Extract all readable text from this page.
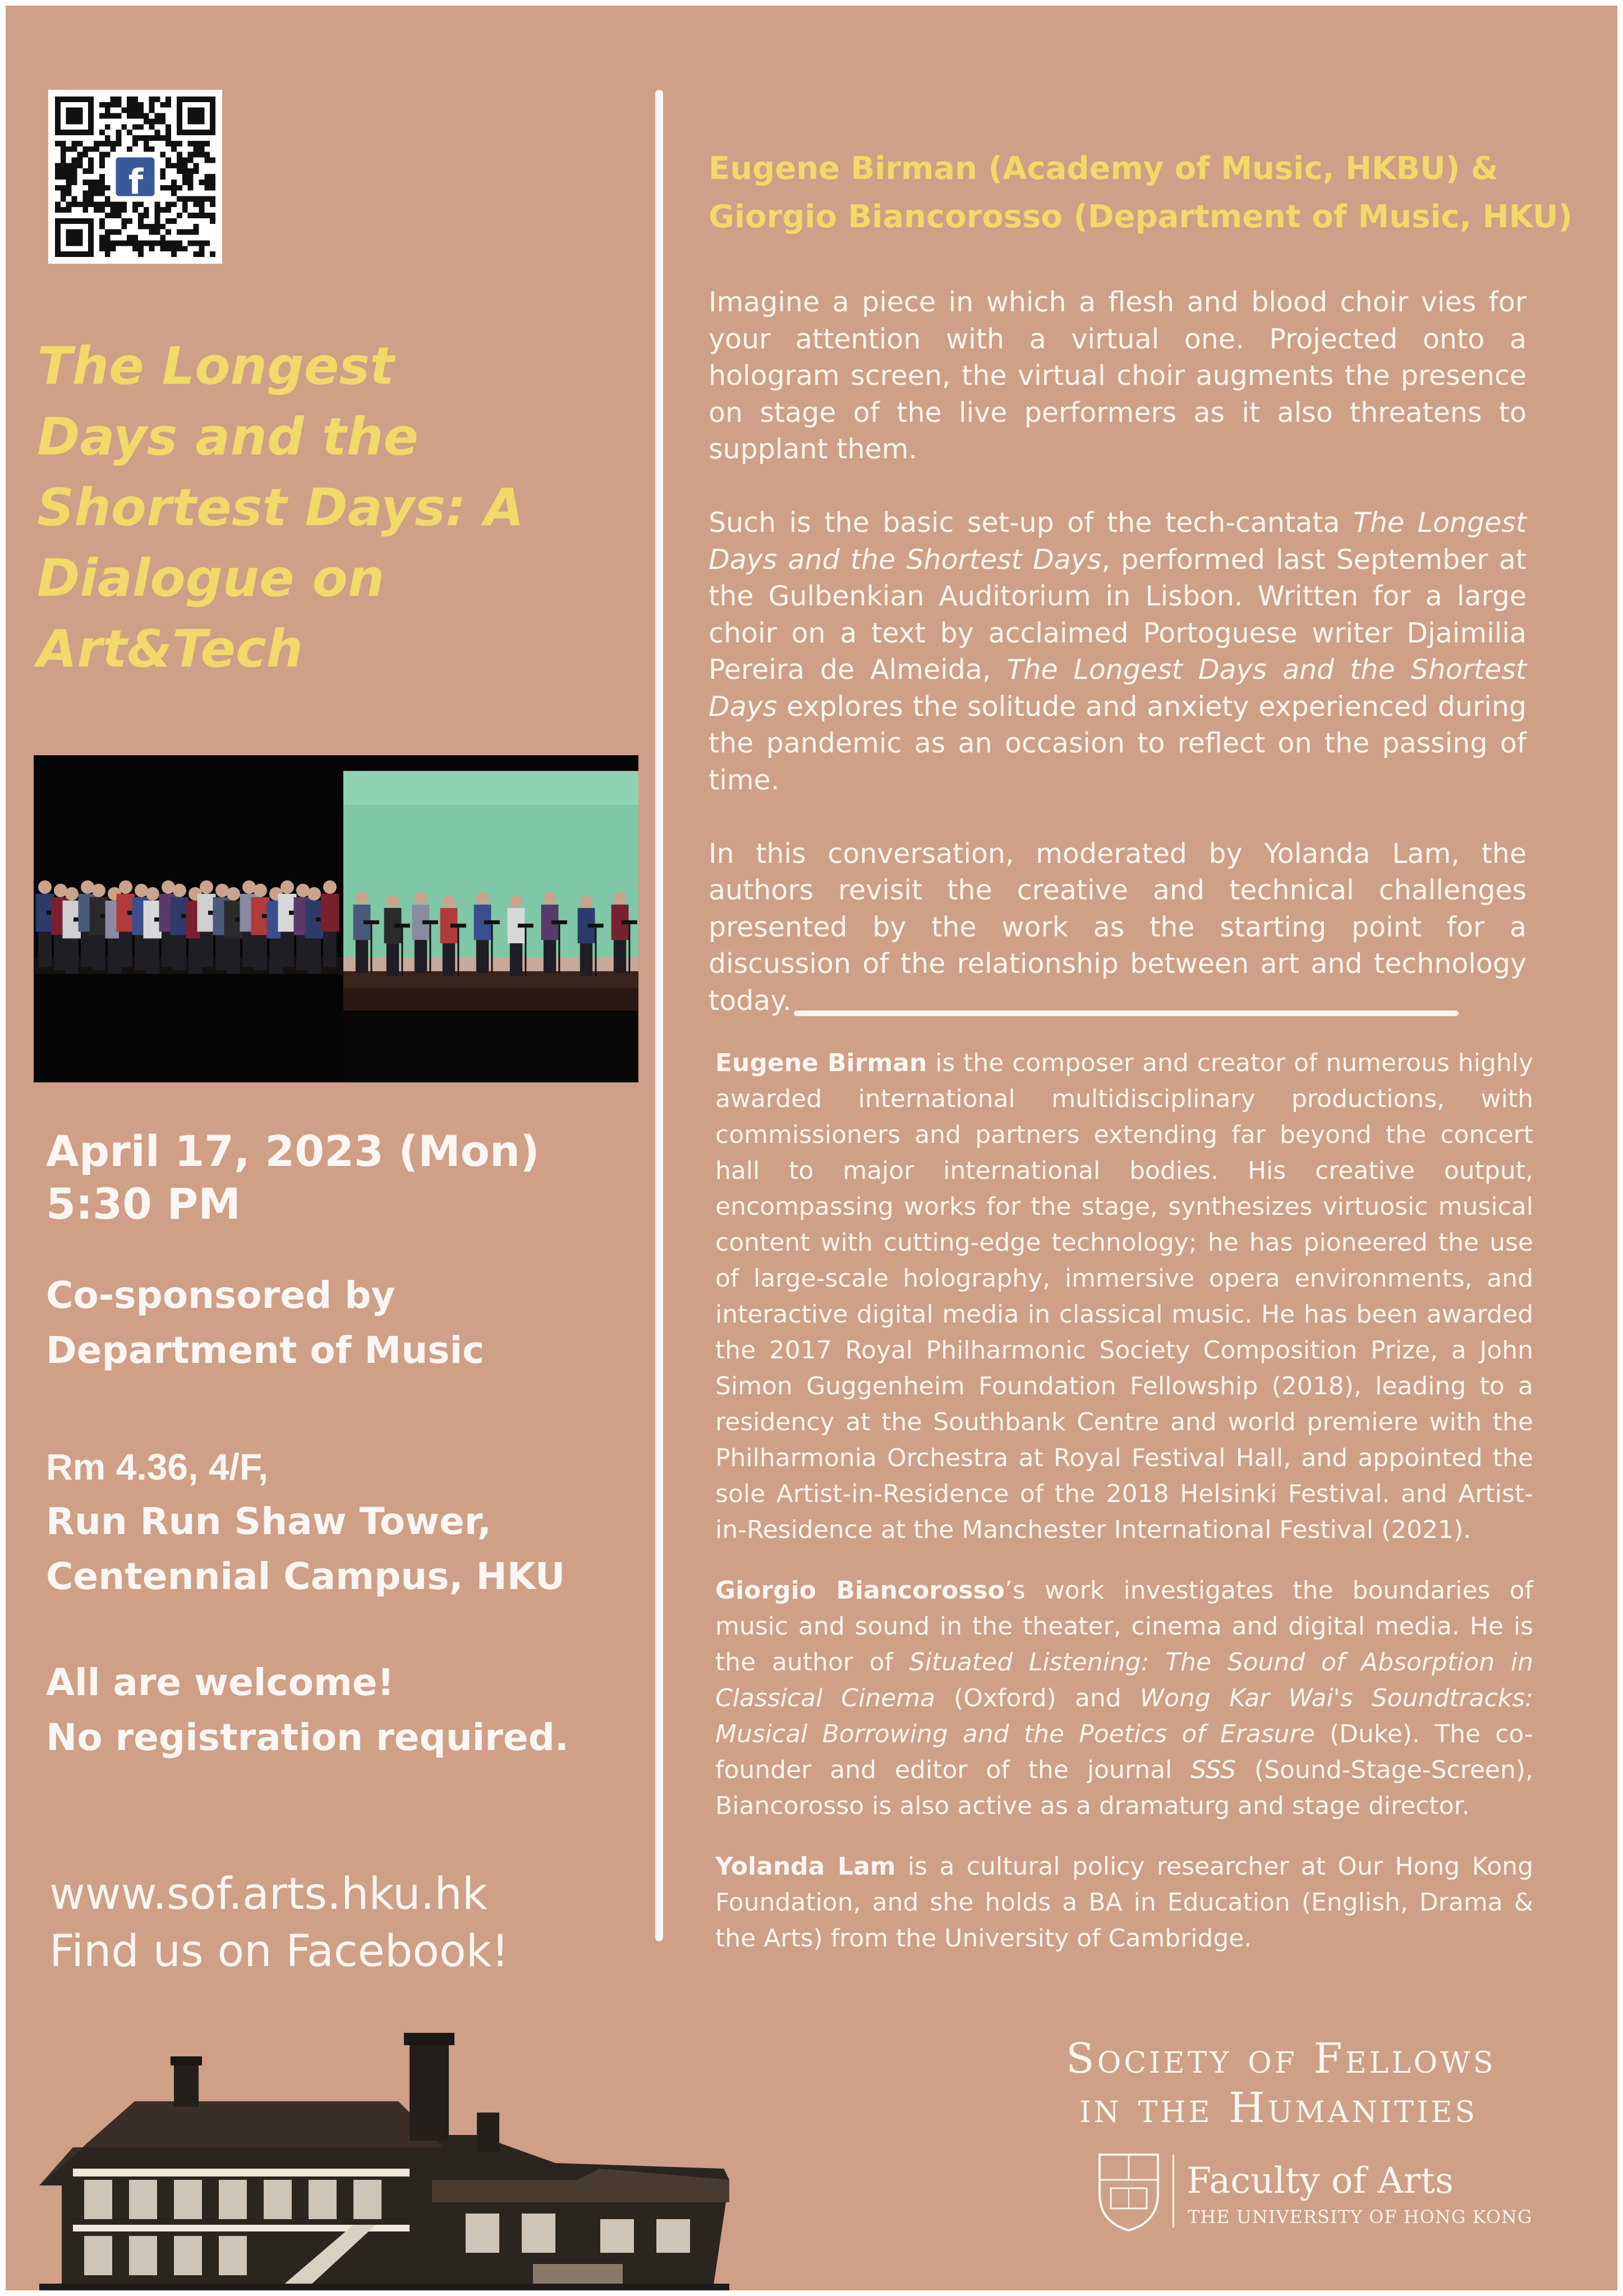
f
The Longest
Days and the
Shortest Days: A
Dialogue on
Art&Tech
April 17, 2023 (Mon)
5:30 PM
Co-sponsored by
Department of Music
Rm 4.36, 4/F,
Run Run Shaw Tower,
Centennial Campus, HKU
All are welcome!
No registration required.
www.sof.arts.hku.hk
Find us on Facebook!
Eugene Birman (Academy of Music, HKBU) &
Giorgio Biancorosso (Department of Music, HKU)

Imagine a piece in which a flesh and blood choir vies for your attention with a virtual one. Projected onto a hologram screen, the virtual choir augments the presence on stage of the live performers as it also threatens to supplant them.

Such is the basic set-up of the tech-cantata The Longest Days and the Shortest Days, performed last September at the Gulbenkian Auditorium in Lisbon. Written for a large choir on a text by acclaimed Portoguese writer Djaimilia Pereira de Almeida, The Longest Days and the Shortest Days explores the solitude and anxiety experienced during the pandemic as an occasion to reflect on the passing of time.

In this conversation, moderated by Yolanda Lam, the authors revisit the creative and technical challenges presented by the work as the starting point for a discussion of the relationship between art and technology today.

Eugene Birman is the composer and creator of numerous highly awarded international multidisciplinary productions, with commissioners and partners extending far beyond the concert hall to major international bodies. His creative output, encompassing works for the stage, synthesizes virtuosic musical content with cutting-edge technology; he has pioneered the use of large-scale holography, immersive opera environments, and interactive digital media in classical music. He has been awarded the 2017 Royal Philharmonic Society Composition Prize, a John Simon Guggenheim Foundation Fellowship (2018), leading to a residency at the Southbank Centre and world premiere with the Philharmonia Orchestra at Royal Festival Hall, and appointed the sole Artist-in-Residence of the 2018 Helsinki Festival. and Artist-in-Residence at the Manchester International Festival (2021).

Giorgio Biancorosso’s work investigates the boundaries of music and sound in the theater, cinema and digital media. He is the author of Situated Listening: The Sound of Absorption in Classical Cinema (Oxford) and Wong Kar Wai's Soundtracks: Musical Borrowing and the Poetics of Erasure (Duke). The co-founder and editor of the journal SSS (Sound-Stage-Screen), Biancorosso is also active as a dramaturg and stage director.

Yolanda Lam is a cultural policy researcher at Our Hong Kong Foundation, and she holds a BA in Education (English, Drama & the Arts) from the University of Cambridge.

Society of Fellows
in the Humanities
Faculty of Arts
THE UNIVERSITY OF HONG KONG
